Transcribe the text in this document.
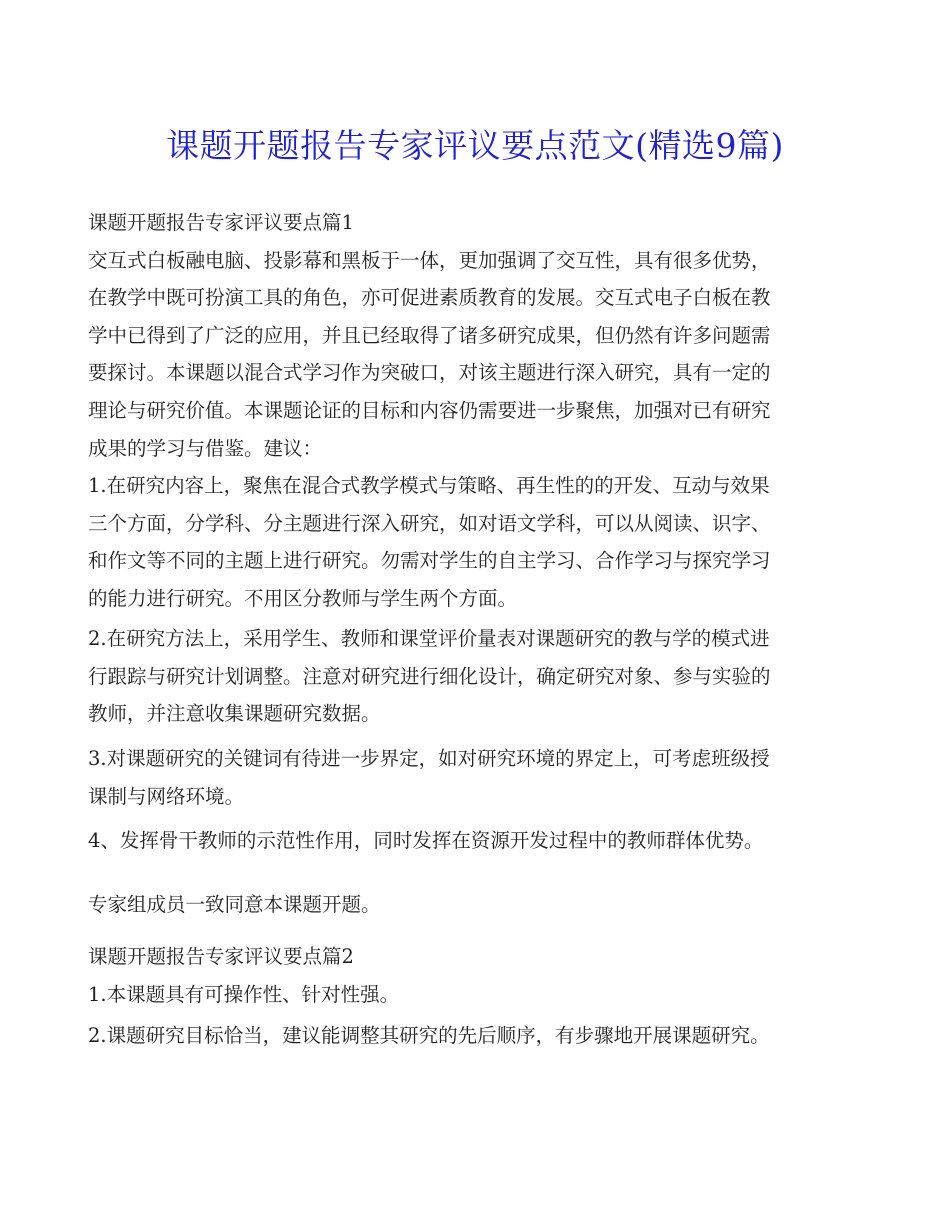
课题开题报告专家评议要点范文(精选9篇)
课题开题报告专家评议要点篇1
交互式白板融电脑、投影幕和黑板于一体，更加强调了交互性，具有很多优势，
在教学中既可扮演工具的角色，亦可促进素质教育的发展。交互式电子白板在教
学中已得到了广泛的应用，并且已经取得了诸多研究成果，但仍然有许多问题需
要探讨。本课题以混合式学习作为突破口，对该主题进行深入研究，具有一定的
理论与研究价值。本课题论证的目标和内容仍需要进一步聚焦，加强对已有研究
成果的学习与借鉴。建议：
1.在研究内容上，聚焦在混合式教学模式与策略、再生性的的开发、互动与效果
三个方面，分学科、分主题进行深入研究，如对语文学科，可以从阅读、识字、
和作文等不同的主题上进行研究。勿需对学生的自主学习、合作学习与探究学习
的能力进行研究。不用区分教师与学生两个方面。
2.在研究方法上，采用学生、教师和课堂评价量表对课题研究的教与学的模式进
行跟踪与研究计划调整。注意对研究进行细化设计，确定研究对象、参与实验的
教师，并注意收集课题研究数据。
3.对课题研究的关键词有待进一步界定，如对研究环境的界定上，可考虑班级授
课制与网络环境。
4、发挥骨干教师的示范性作用，同时发挥在资源开发过程中的教师群体优势。
专家组成员一致同意本课题开题。
课题开题报告专家评议要点篇2
1.本课题具有可操作性、针对性强。
2.课题研究目标恰当，建议能调整其研究的先后顺序，有步骤地开展课题研究。
